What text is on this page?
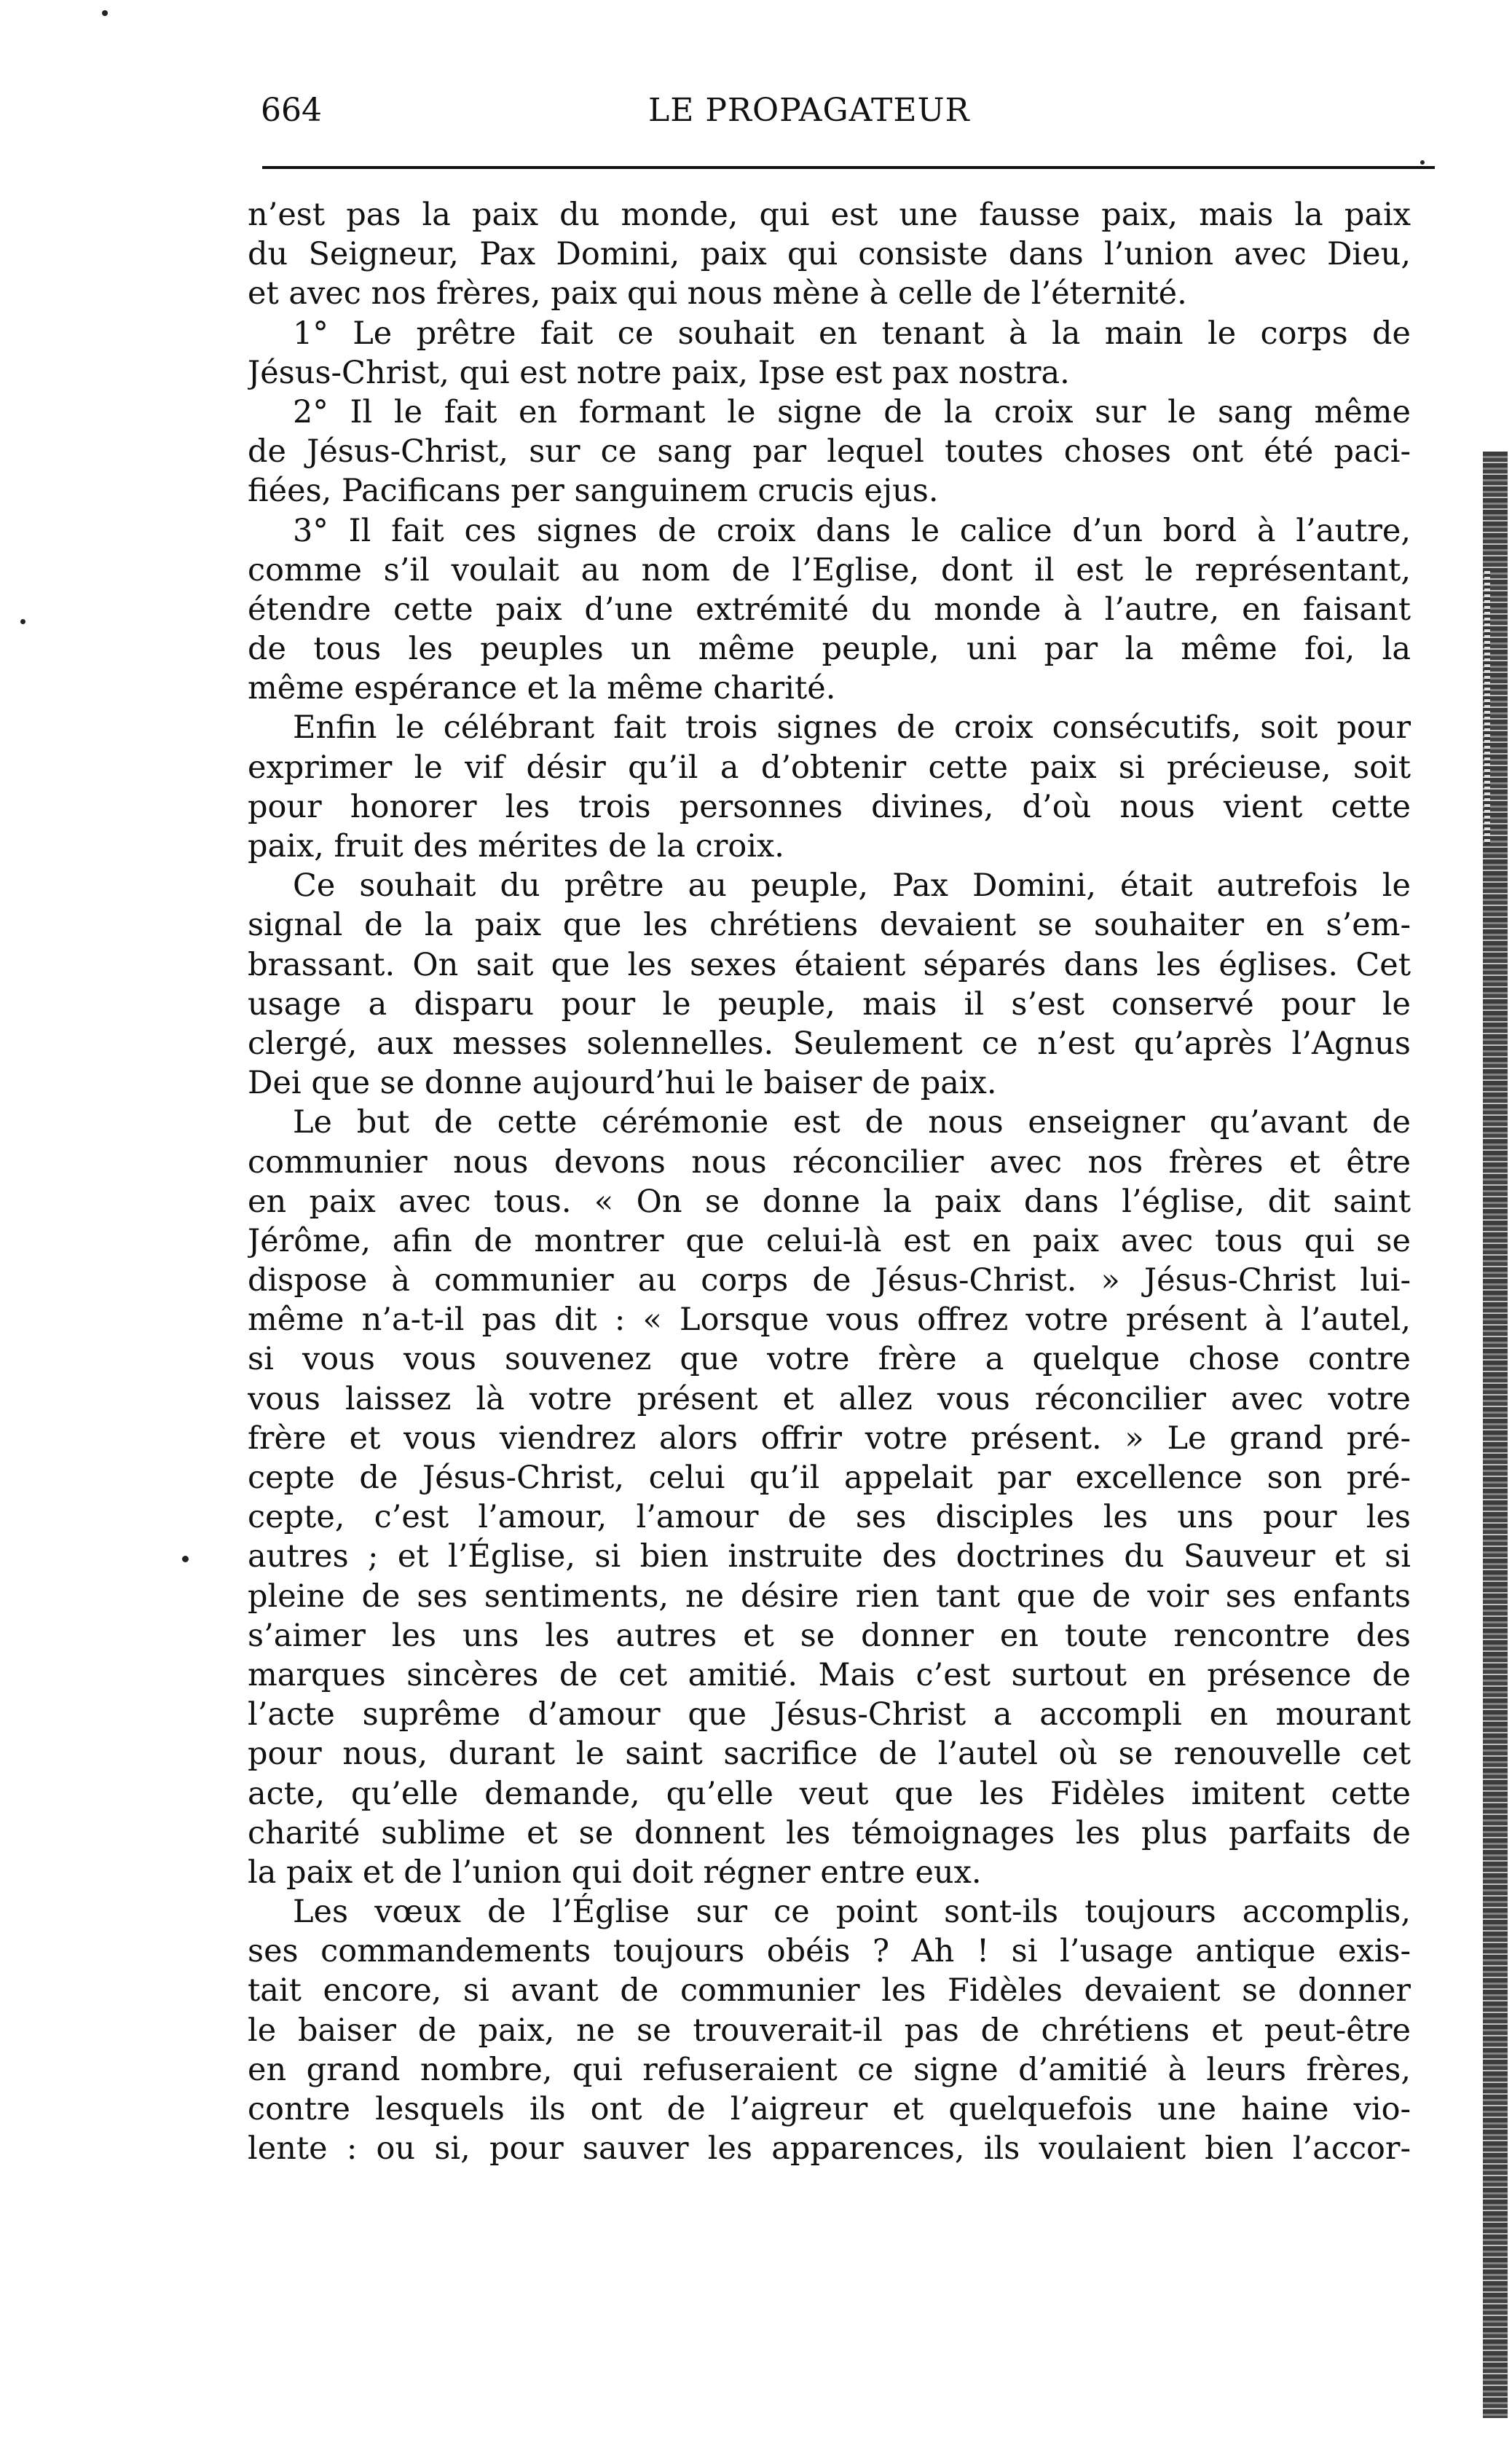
664	LE PROPAGATEUR
n’est pas la paix du monde, qui est une fausse paix, mais la paix
du Seigneur, Pax Domini, paix qui consiste dans l’union avec Dieu,
et avec nos frères, paix qui nous mène à celle de l’éternité.
1° Le prêtre fait ce souhait en tenant à la main le corps de
Jésus-Christ, qui est notre paix, Ipse est pax nostra.
2° Il le fait en formant le signe de la croix sur le sang même
de Jésus-Christ, sur ce sang par lequel toutes choses ont été paci-
fiées, Pacificans per sanguinem crucis ejus.
3° Il fait ces signes de croix dans le calice d’un bord à l’autre,
comme s’il voulait au nom de l’Eglise, dont il est le représentant,
étendre cette paix d’une extrémité du monde à l’autre, en faisant
de tous les peuples un même peuple, uni par la même foi, la
même espérance et la même charité.
Enfin le célébrant fait trois signes de croix consécutifs, soit pour
exprimer le vif désir qu’il a d’obtenir cette paix si précieuse, soit
pour honorer les trois personnes divines, d’où nous vient cette
paix, fruit des mérites de la croix.
Ce souhait du prêtre au peuple, Pax Domini, était autrefois le
signal de la paix que les chrétiens devaient se souhaiter en s’em-
brassant. On sait que les sexes étaient séparés dans les églises. Cet
usage a disparu pour le peuple, mais il s’est conservé pour le
clergé, aux messes solennelles. Seulement ce n’est qu’après l’Agnus
Dei que se donne aujourd’hui le baiser de paix.
Le but de cette cérémonie est de nous enseigner qu’avant de
communier nous devons nous réconcilier avec nos frères et être
en paix avec tous. « On se donne la paix dans l’église, dit saint
Jérôme, afin de montrer que celui-là est en paix avec tous qui se
dispose à communier au corps de Jésus-Christ. » Jésus-Christ lui-
même n’a-t-il pas dit : « Lorsque vous offrez votre présent à l’autel,
si vous vous souvenez que votre frère a quelque chose contre
vous laissez là votre présent et allez vous réconcilier avec votre
frère et vous viendrez alors offrir votre présent. » Le grand pré-
cepte de Jésus-Christ, celui qu’il appelait par excellence son pré-
cepte, c’est l’amour, l’amour de ses disciples les uns pour les
autres ; et l’Église, si bien instruite des doctrines du Sauveur et si
pleine de ses sentiments, ne désire rien tant que de voir ses enfants
s’aimer les uns les autres et se donner en toute rencontre des
marques sincères de cet amitié. Mais c’est surtout en présence de
l’acte suprême d’amour que Jésus-Christ a accompli en mourant
pour nous, durant le saint sacrifice de l’autel où se renouvelle cet
acte, qu’elle demande, qu’elle veut que les Fidèles imitent cette
charité sublime et se donnent les témoignages les plus parfaits de
la paix et de l’union qui doit régner entre eux.
Les vœux de l’Église sur ce point sont-ils toujours accomplis,
ses commandements toujours obéis ? Ah ! si l’usage antique exis-
tait encore, si avant de communier les Fidèles devaient se donner
le baiser de paix, ne se trouverait-il pas de chrétiens et peut-être
en grand nombre, qui refuseraient ce signe d’amitié à leurs frères,
contre lesquels ils ont de l’aigreur et quelquefois une haine vio-
lente : ou si, pour sauver les apparences, ils voulaient bien l’accor-
